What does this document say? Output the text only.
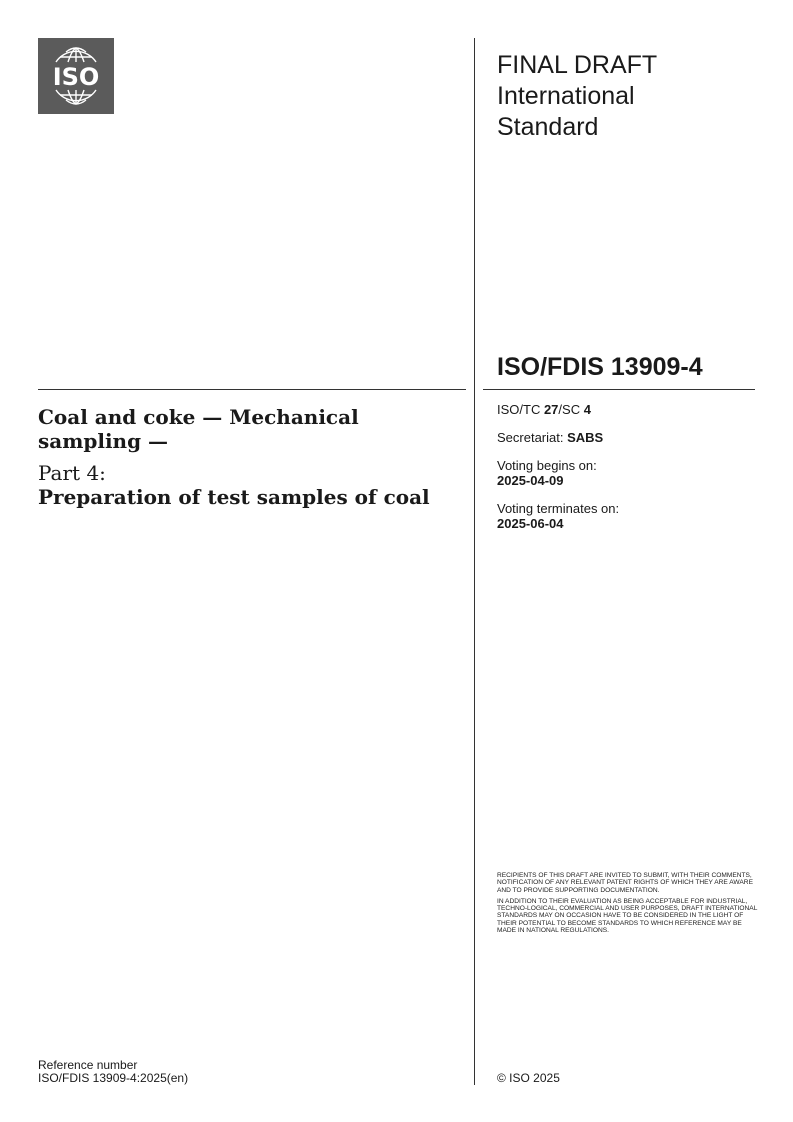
ISO	FINAL DRAFT
International
Standard
ISO/FDIS 13909-4
Coal and coke — Mechanical sampling —
Part 4:
Preparation of test samples of coal
ISO/TC 27/SC 4
Secretariat: SABS
Voting begins on:
2025-04-09
Voting terminates on:
2025-06-04

RECIPIENTS OF THIS DRAFT ARE INVITED TO SUBMIT, WITH THEIR COMMENTS, NOTIFICATION OF ANY RELEVANT PATENT RIGHTS OF WHICH THEY ARE AWARE AND TO PROVIDE SUPPORTING DOCUMENTATION.

IN ADDITION TO THEIR EVALUATION AS BEING ACCEPTABLE FOR INDUSTRIAL, TECHNO-LOGICAL, COMMERCIAL AND USER PURPOSES, DRAFT INTERNATIONAL STANDARDS MAY ON OCCASION HAVE TO BE CONSIDERED IN THE LIGHT OF THEIR POTENTIAL TO BECOME STANDARDS TO WHICH REFERENCE MAY BE MADE IN NATIONAL REGULATIONS.

Reference number
ISO/FDIS 13909-4:2025(en)	© ISO 2025
